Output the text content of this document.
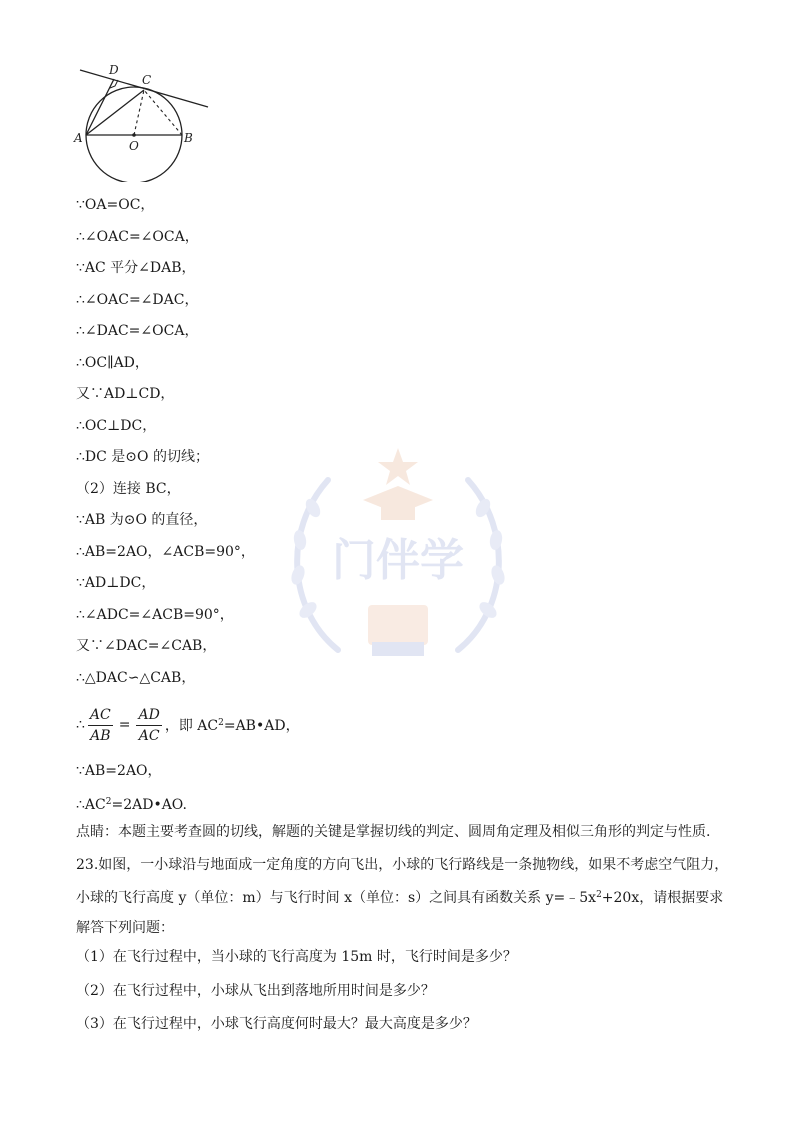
D
C
A
O
B
门伴学
∵OA=OC，
∴∠OAC=∠OCA，
∵AC 平分∠DAB，
∴∠OAC=∠DAC，
∴∠DAC=∠OCA，
∴OC∥AD，
又∵AD⊥CD，
∴OC⊥DC，
∴DC 是⊙O 的切线；
（2）连接 BC，
∵AB 为⊙O 的直径，
∴AB=2AO，∠ACB=90°，
∵AD⊥DC，
∴∠ADC=∠ACB=90°，
又∵∠DAC=∠CAB，
∴△DAC∽△CAB，
∴ $\frac{AC}{AB} = \frac{AD}{AC}$ ，即 $AC^2=AB•AD$，
∵AB=2AO，
$\therefore AC^2=2AD•AO$.
点睛：本题主要考查圆的切线，解题的关键是掌握切线的判定、圆周角定理及相似三角形的判定与性质.
23.如图，一小球沿与地面成一定角度的方向飞出，小球的飞行路线是一条抛物线，如果不考虑空气阻力，小球的飞行高度 y（单位：m）与飞行时间 x（单位：s）之间具有函数关系 $y=﹣5x^2+20x$，请根据要求解答下列问题：
（1）在飞行过程中，当小球的飞行高度为 15m 时，飞行时间是多少？
（2）在飞行过程中，小球从飞出到落地所用时间是多少？
（3）在飞行过程中，小球飞行高度何时最大？最大高度是多少？
